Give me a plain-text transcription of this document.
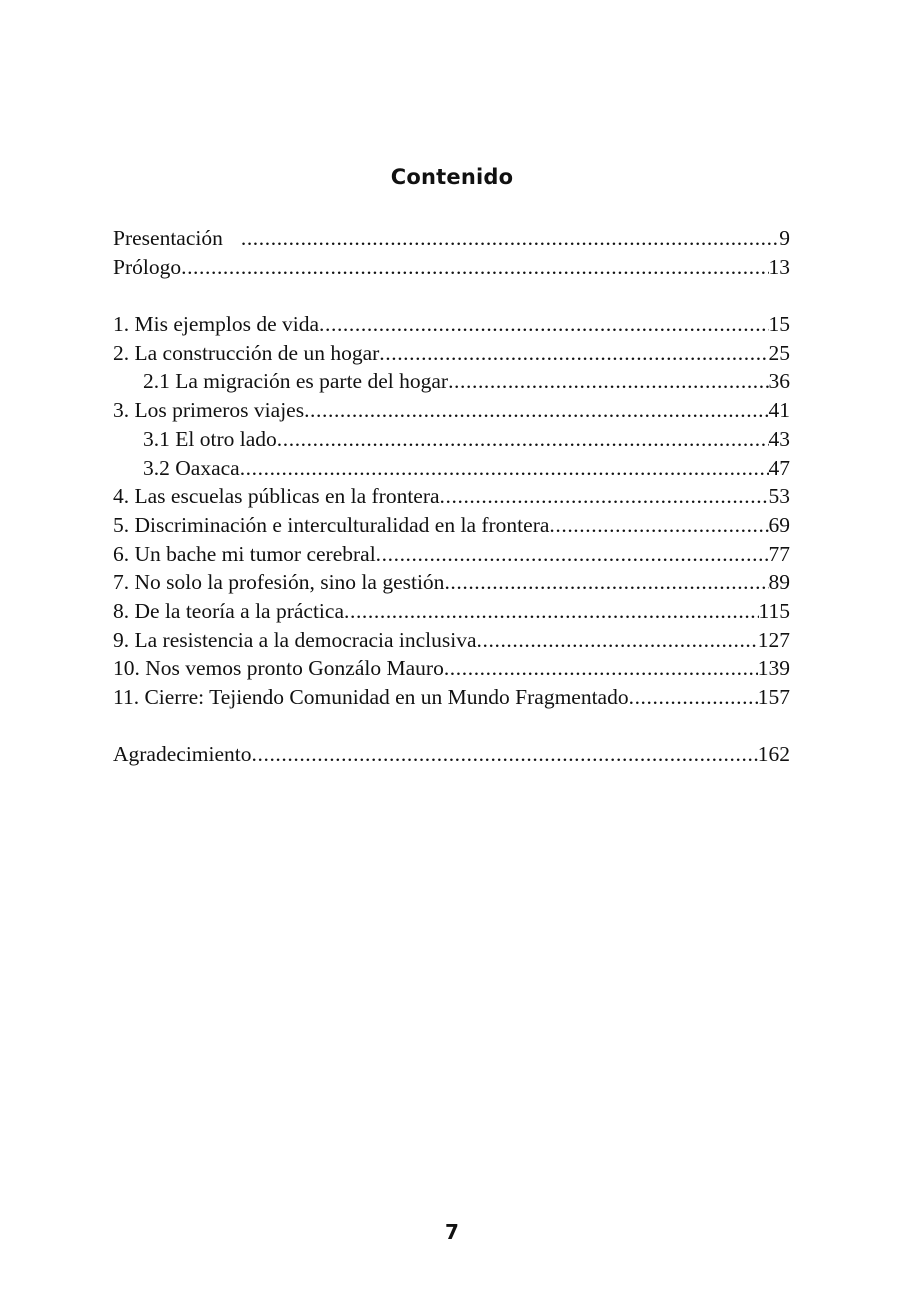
Contenido
Presentación .....	9
Prólogo .....	13
1. Mis ejemplos de vida .....	15
2. La construcción de un hogar .....	25
2.1 La migración es parte del hogar .....	36
3. Los primeros viajes .....	41
3.1 El otro lado .....	43
3.2 Oaxaca .....	47
4. Las escuelas públicas en la frontera .....	53
5. Discriminación e interculturalidad en la frontera .....	69
6. Un bache mi tumor cerebral .....	77
7. No solo la profesión, sino la gestión .....	89
8. De la teoría a la práctica .....	115
9. La resistencia a la democracia inclusiva .....	127
10. Nos vemos pronto Gonzálo Mauro .....	139
11. Cierre: Tejiendo Comunidad en un Mundo Fragmentado .....	157
Agradecimiento .....	162
7
